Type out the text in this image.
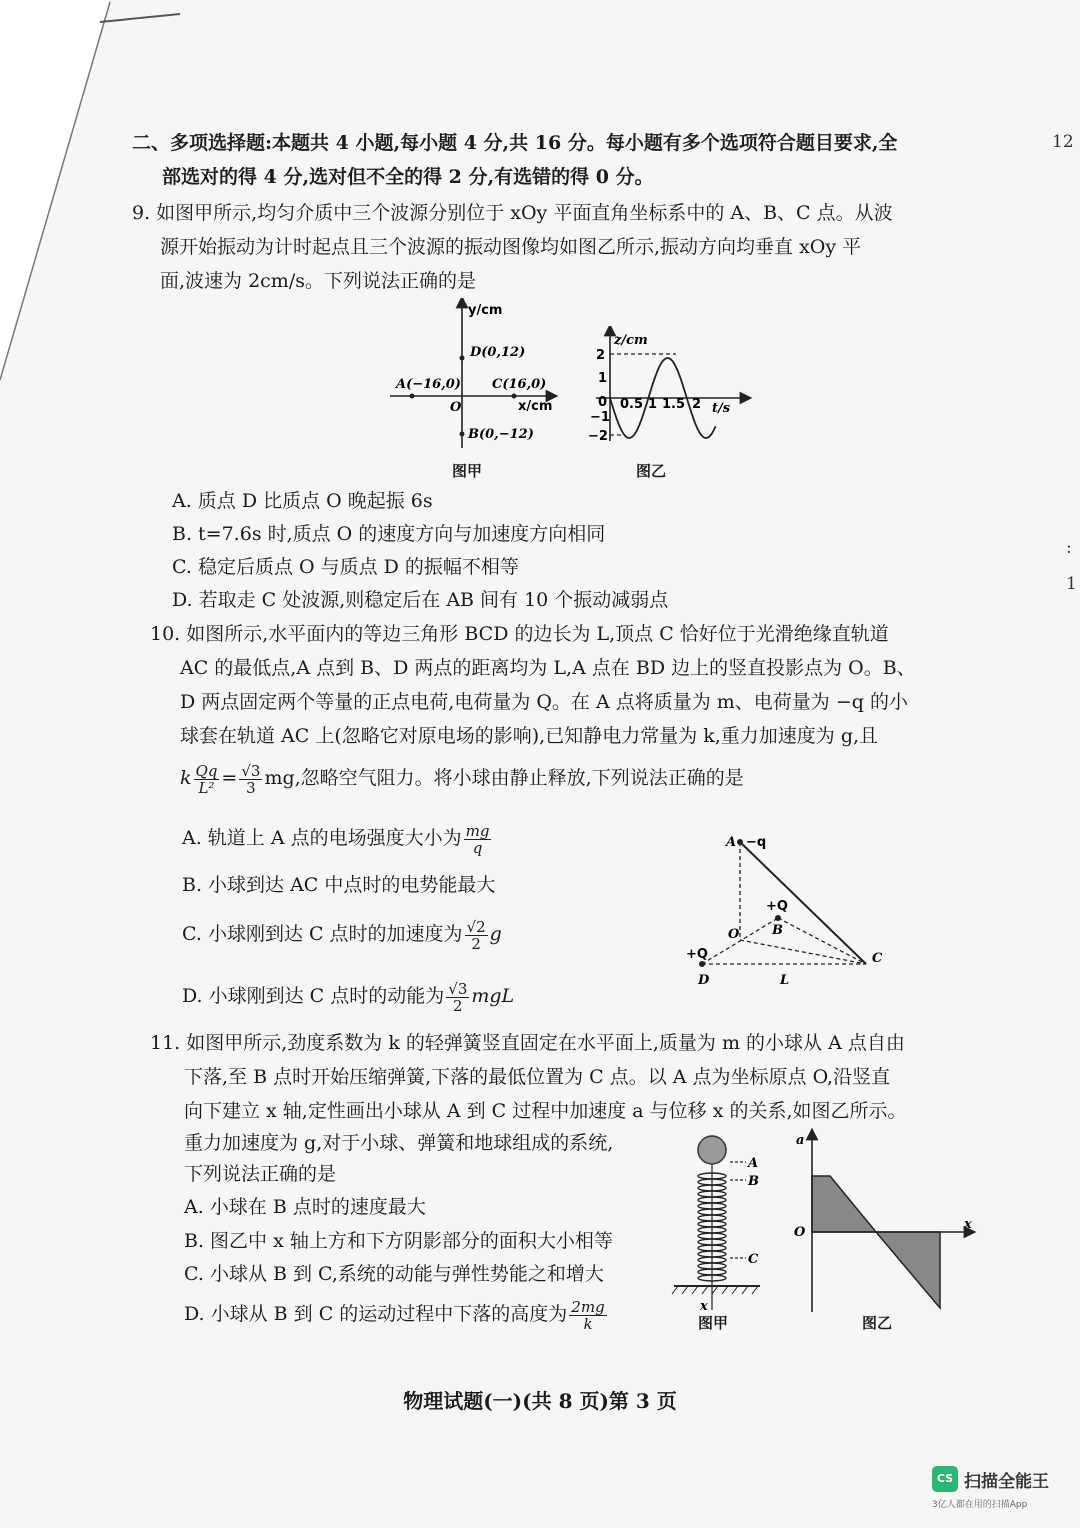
12
:
1
二、多项选择题:本题共 4 小题,每小题 4 分,共 16 分。每小题有多个选项符合题目要求,全
部选对的得 4 分,选对但不全的得 2 分,有选错的得 0 分。
9. 如图甲所示,均匀介质中三个波源分别位于 xOy 平面直角坐标系中的 A、B、C 点。从波
源开始振动为计时起点且三个波源的振动图像均如图乙所示,振动方向均垂直 xOy 平
面,波速为 2cm/s。下列说法正确的是
y/cm
D(0,12)
A(−16,0) C(16,0)
O	x/cm
B(0,−12)
图甲
z/cm
2
1
0
−1
−2
0.5 1 1.5 2 t/s
图乙
A. 质点 D 比质点 O 晚起振 6s
B. t=7.6s 时,质点 O 的速度方向与加速度方向相同
C. 稳定后质点 O 与质点 D 的振幅不相等
D. 若取走 C 处波源,则稳定后在 AB 间有 10 个振动减弱点
10. 如图所示,水平面内的等边三角形 BCD 的边长为 L,顶点 C 恰好位于光滑绝缘直轨道
AC 的最低点,A 点到 B、D 两点的距离均为 L,A 点在 BD 边上的竖直投影点为 O。B、
D 两点固定两个等量的正点电荷,电荷量为 Q。在 A 点将质量为 m、电荷量为 −q 的小
球套在轨道 AC 上(忽略它对原电场的影响),已知静电力常量为 k,重力加速度为 g,且
k $\frac{Qq}{\text{L²}} = \frac{√3}{3}$ mg,忽略空气阻力。将小球由静止释放,下列说法正确的是
A. 轨道上 A 点的电场强度大小为 $\frac{mg}{q}$
B. 小球到达 AC 中点时的电势能最大
C. 小球刚到达 C 点时的加速度为 $\frac{√2}{2}$ g
D. 小球刚到达 C 点时的动能为 $\frac{√3}{2}$ mgL
A −q
+Q
B
O
+Q
D	L
C
11. 如图甲所示,劲度系数为 k 的轻弹簧竖直固定在水平面上,质量为 m 的小球从 A 点自由
下落,至 B 点时开始压缩弹簧,下落的最低位置为 C 点。以 A 点为坐标原点 O,沿竖直
向下建立 x 轴,定性画出小球从 A 到 C 过程中加速度 a 与位移 x 的关系,如图乙所示。
重力加速度为 g,对于小球、弹簧和地球组成的系统,
下列说法正确的是
A. 小球在 B 点时的速度最大
B. 图乙中 x 轴上方和下方阴影部分的面积大小相等
C. 小球从 B 到 C,系统的动能与弹性势能之和增大
D. 小球从 B 到 C 的运动过程中下落的高度为 $\frac{2mg}{k}$
A
B
C
x
图甲
a
O
x
图乙
物理试题(一)(共 8 页)第 3 页
CS 扫描全能王
3亿人都在用的扫描App
